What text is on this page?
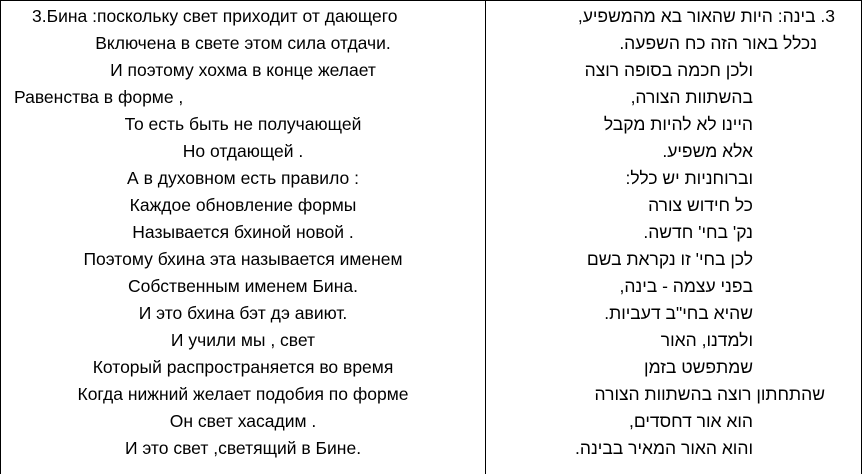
3.Бина :поскольку свет приходит от дающего
Включена в свете этом сила отдачи.
И поэтому хохма в конце желает
Равенства в форме ,
То есть быть не получающей
Но отдающей .
А в духовном есть правило :
Каждое обновление формы
Называется бхиной новой .
Поэтому бхина эта называется именем
Собственным именем Бина.
И это бхина бэт дэ авиют.
И учили мы , свет
Который распространяется во время
Когда нижний желает подобия по форме
Он свет хасадим .
И это свет ,светящий в Бине.
3. בינה: היות שהאור בא מהמשפיע,
נכלל באור הזה כח השפעה.
ולכן חכמה בסופה רוצה
בהשתוות הצורה,
היינו לא להיות מקבל
אלא משפיע.
וברוחניות יש כלל:
כל חידוש צורה
נק' בחי' חדשה.
לכן בחי' זו נקראת בשם
בפני עצמה - בינה,
שהיא בחי"ב דעביות.
ולמדנו, האור
שמתפשט בזמן
שהתחתון רוצה בהשתוות הצורה
הוא אור דחסדים,
והוא האור המאיר בבינה.
